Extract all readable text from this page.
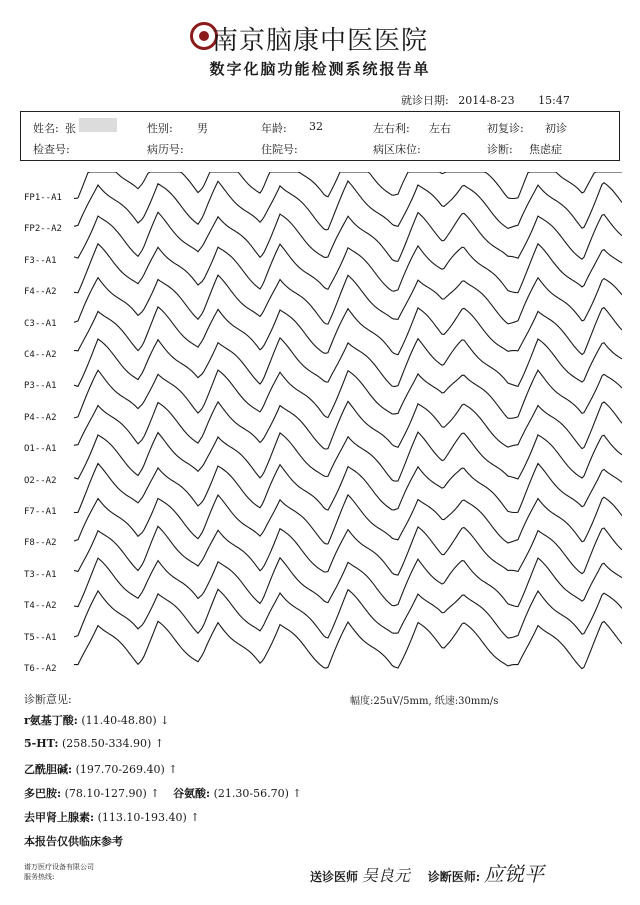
南京脑康中医医院
数字化脑功能检测系统报告单
就诊日期: 2014-8-23 15:47
姓名: 张	性别: 男	年龄: 32	左右利: 左右	初复诊: 初诊
检查号:	病历号:	住院号:	病区床位:	诊断: 焦虑症
FP1--A1
FP2--A2
F3--A1
F4--A2
C3--A1
C4--A2
P3--A1
P4--A2
O1--A1
O2--A2
F7--A1
F8--A2
T3--A1
T4--A2
T5--A1
T6--A2
诊断意见:	幅度:25uV/5mm, 纸速:30mm/s
r氨基丁酸: (11.40-48.80) ↓
5-HT: (258.50-334.90) ↑
乙酰胆碱: (197.70-269.40) ↑
多巴胺: (78.10-127.90) ↑ 谷氨酸: (21.30-56.70) ↑
去甲肾上腺素: (113.10-193.40) ↑
本报告仅供临床参考
谱万医疗设备有限公司
服务热线:	送诊医师 吴良元 诊断医师: 应锐平
